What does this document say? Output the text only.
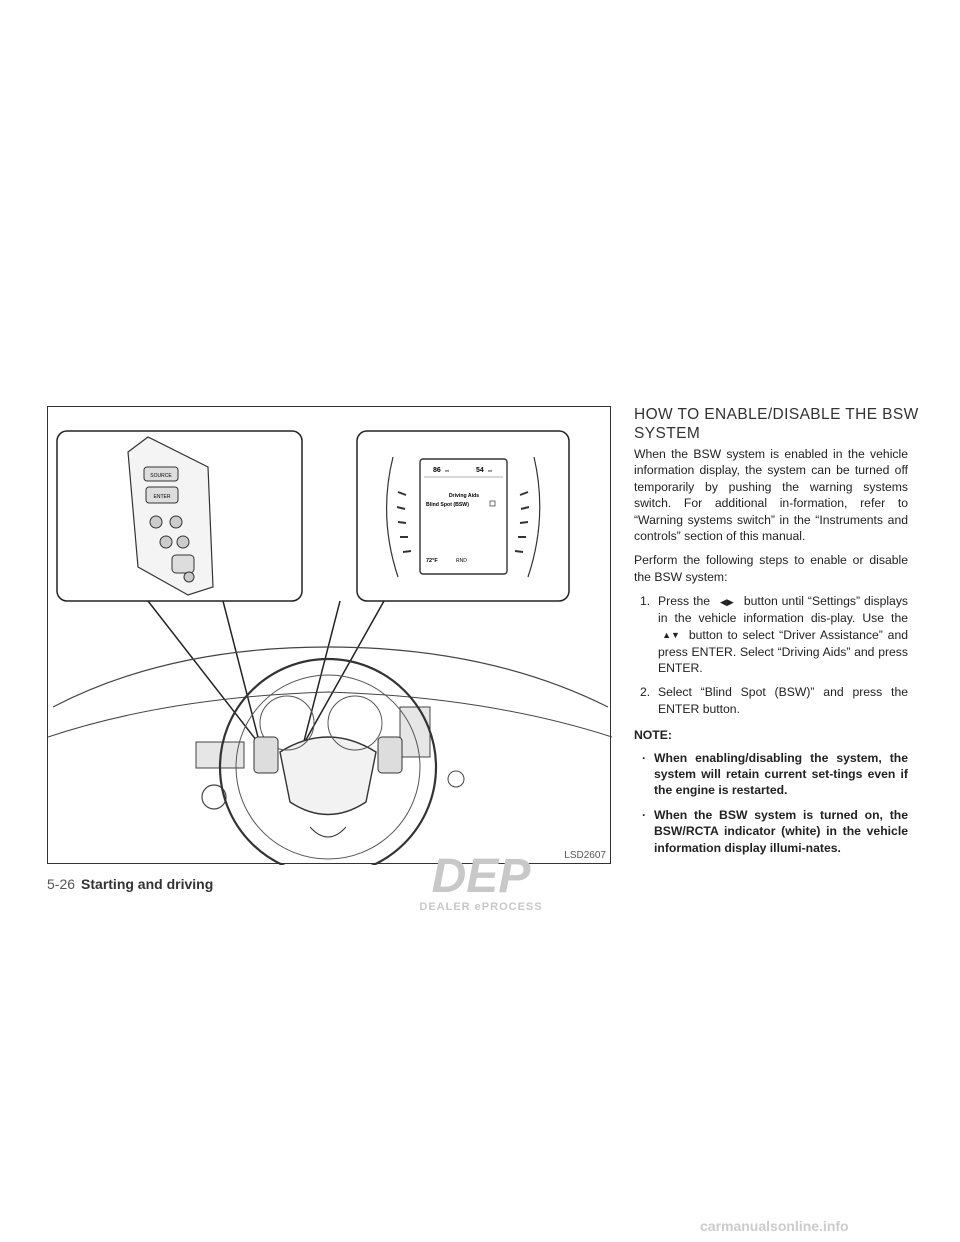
SOURCE
ENTER
86 mi	54 mi
Driving Aids
Blind Spot (BSW)
72°F	RND
LSD2607
HOW TO ENABLE/DISABLE THE BSW SYSTEM

When the BSW system is enabled in the vehicle information display, the system can be turned off temporarily by pushing the warning systems switch. For additional in-formation, refer to “Warning systems switch” in the “Instruments and controls” section of this manual.

Perform the following steps to enable or disable the BSW system:

1. Press the ◀▶ button until “Settings” displays in the vehicle information dis-play. Use the ▲▼ button to select “Driver Assistance” and press ENTER. Select “Driving Aids” and press ENTER.
2. Select “Blind Spot (BSW)” and press the ENTER button.
NOTE:
· When enabling/disabling the system, the system will retain current set-tings even if the engine is restarted.
· When the BSW system is turned on, the BSW/RCTA indicator (white) in the vehicle information display illumi-nates.
5-26 Starting and driving	DEP
DEALER ePROCESS
carmanualsonline.info
